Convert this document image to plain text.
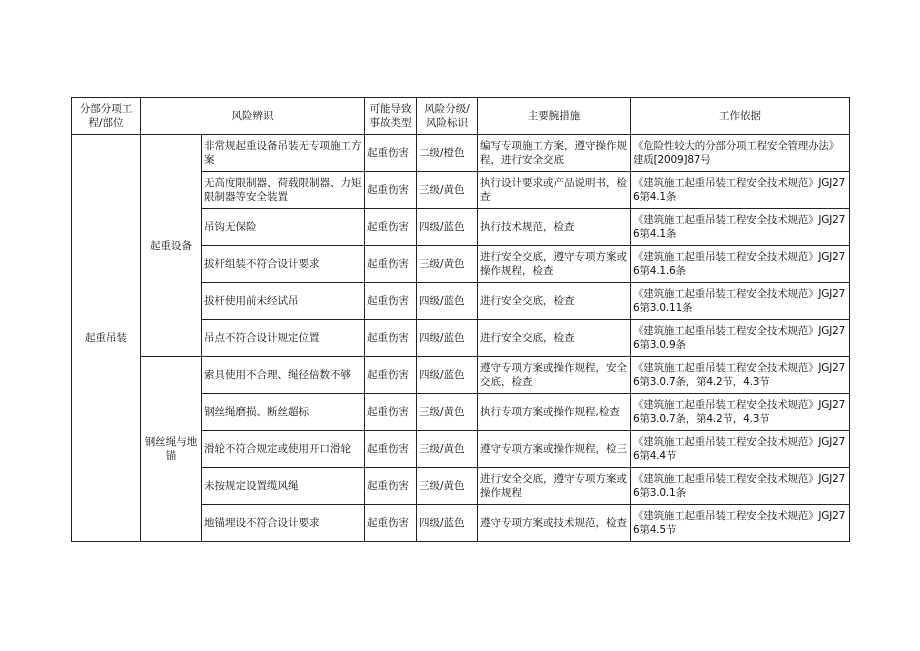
分部分项工程/部位	风险辨识		可能导致事故类型	风险分级/风险标识	主要腕措施	工作依据
起重吊装	起重设备	非常规起重设备吊装无专项施工方案	起重伤害	二级/橙色	编写专项施工方案，遵守操作规程，进行安全交底	《危险性较大的分部分项工程安全管理办法》建质[2009]87号
		无高度限制器、荷载限制器、力矩限制器等安全装置	起重伤害	三级/黄色	执行设计要求或产品说明书，检查	《建筑施工起重吊装工程安全技术规范》JGJ276第4.1条
		吊钩无保险	起重伤害	四级/蓝色	执行技术规范，检查	《建筑施工起重吊装工程安全技术规范》JGJ276第4.1条
		拔杆组装不符合设计要求	起重伤害	三级/黄色	进行安全交底，遵守专项方案或操作规程，检查	《建筑施工起重吊装工程安全技术规范》JGJ276第4.1.6条
		拔杆使用前未经试吊	起重伤害	四级/蓝色	进行安全交底，检查	《建筑施工起重吊装工程安全技术规范》JGJ276第3.0.11条
		吊点不符合设计规定位置	起重伤害	四级/蓝色	进行安全交底，检查	《建筑施工起重吊装工程安全技术规范》JGJ276第3.0.9条
	钢丝绳与地锚	索具使用不合理、绳径倍数不够	起重伤害	四级/蓝色	遵守专项方案或操作规程，安全交底，检查	《建筑施工起重吊装工程安全技术规范》JGJ276第3.0.7条，第4.2节，4.3节
		钢丝绳磨损、断丝超标	起重伤害	三级/黄色	执行专项方案或操作规程,检查	《建筑施工起重吊装工程安全技术规范》JGJ276第3.0.7条，第4.2节，4.3节
		滑轮不符合规定或使用开口滑轮	起重伤害	三级/黄色	遵守专项方案或操作规程，检三	《建筑施工起重吊装工程安全技术规范》JGJ276第4.4节
		未按规定设置缆风绳	起重伤害	三级/黄色	进行安全交底，遵守专项方案或操作规程	《建筑施工起重吊装工程安全技术规范》JGJ276第3.0.1条
		地锚埋设不符合设计要求	起重伤害	四级/蓝色	遵守专项方案或技术规范，检查	《建筑施工起重吊装工程安全技术规范》JGJ276第4.5节
